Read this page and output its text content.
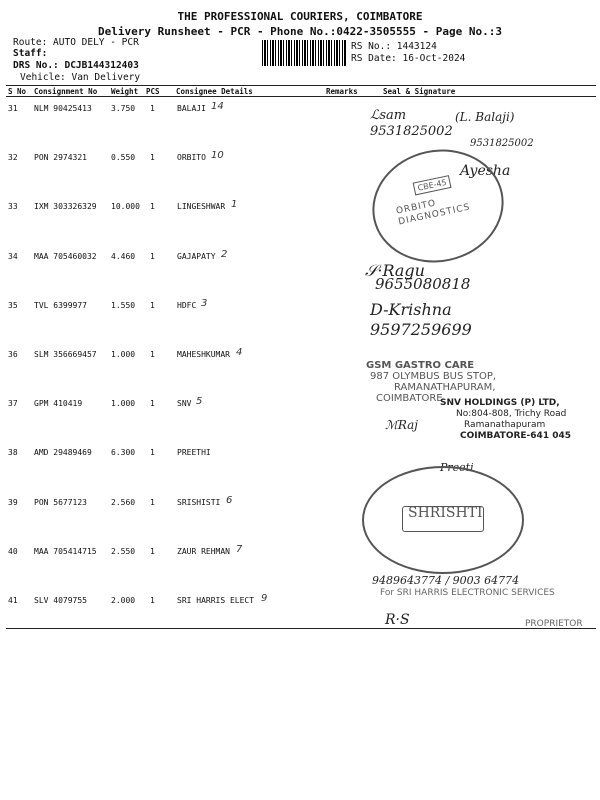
THE PROFESSIONAL COURIERS, COIMBATORE
Delivery Runsheet - PCR - Phone No.:0422-3505555 - Page No.:3
Route: AUTO DELY - PCR
Staff:
DRS No.: DCJB144312403
Vehicle: Van Delivery
RS No.: 1443124
RS Date: 16-Oct-2024
S No Consignment No Weight PCS Consignee Details	Remarks	Seal & Signature
31 NLM 90425413 3.750 1	BALAJI 14
32 PON 2974321	0.550 1	ORBITO 10
33 IXM 303326329 10.000 1	LINGESHWAR 1
34 MAA 705460032 4.460 1	GAJAPATY 2
35 TVL 6399977	1.550 1	HDFC 3
36 SLM 356669457 1.000 1	MAHESHKUMAR 4
37 GPM 410419	1.000 1	SNV 5
38 AMD 29489469 6.300 1	PREETHI
39 PON 5677123	2.560 1	SRISHISTI 6
40 MAA 705414715 2.550 1	ZAUR REHMAN 7
41 SLV 4079755	2.000 1	SRI HARRIS ELECT 9
ℒsam	(L. Balaji)
9531825002
9531825002
Ayesha
𝒮·Ragu
9655080818
D-Krishna
9597259699
ℳRaj
Preeti
9489643774 / 9003 64774
R·S
ORBITO DIAGNOSTICS
CBE-45
GSM GASTRO CARE
987 OLYMBUS BUS STOP,
RAMANATHAPURAM,
COIMBATORE
SNV HOLDINGS (P) LTD,
No:804-808, Trichy Road
Ramanathapuram
COIMBATORE-641 045
SHRISHTI
For SRI HARRIS ELECTRONIC SERVICES
PROPRIETOR
